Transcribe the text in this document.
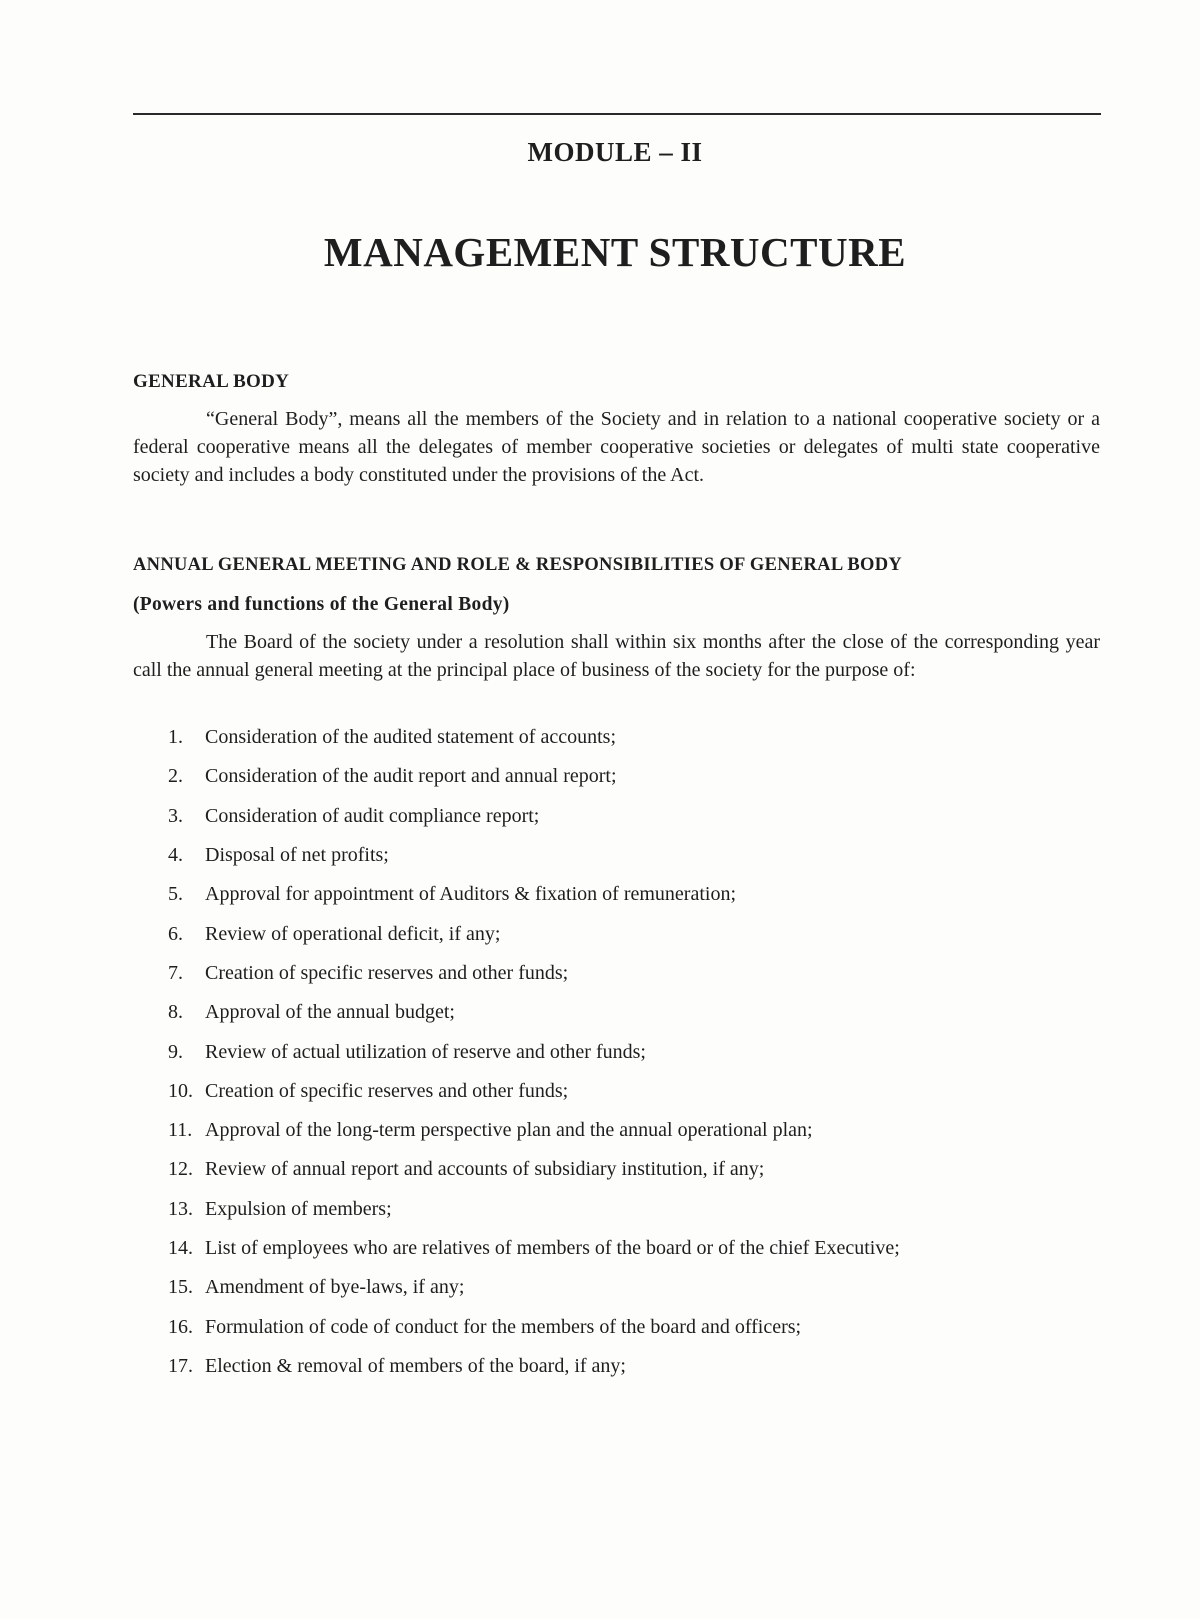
MODULE – II
MANAGEMENT STRUCTURE
GENERAL BODY

“General Body”, means all the members of the Society and in relation to a national cooperative society or a federal cooperative means all the delegates of member cooperative societies or delegates of multi state cooperative society and includes a body constituted under the provisions of the Act.

ANNUAL GENERAL MEETING AND ROLE & RESPONSIBILITIES OF GENERAL BODY
(Powers and functions of the General Body)

The Board of the society under a resolution shall within six months after the close of the corresponding year call the annual general meeting at the principal place of business of the society for the purpose of:

1.	Consideration of the audited statement of accounts;
2.	Consideration of the audit report and annual report;
3.	Consideration of audit compliance report;
4.	Disposal of net profits;
5.	Approval for appointment of Auditors & fixation of remuneration;
6.	Review of operational deficit, if any;
7.	Creation of specific reserves and other funds;
8.	Approval of the annual budget;
9.	Review of actual utilization of reserve and other funds;
10. Creation of specific reserves and other funds;
11. Approval of the long-term perspective plan and the annual operational plan;
12. Review of annual report and accounts of subsidiary institution, if any;
13. Expulsion of members;
14. List of employees who are relatives of members of the board or of the chief Executive;
15. Amendment of bye-laws, if any;
16. Formulation of code of conduct for the members of the board and officers;
17. Election & removal of members of the board, if any;
